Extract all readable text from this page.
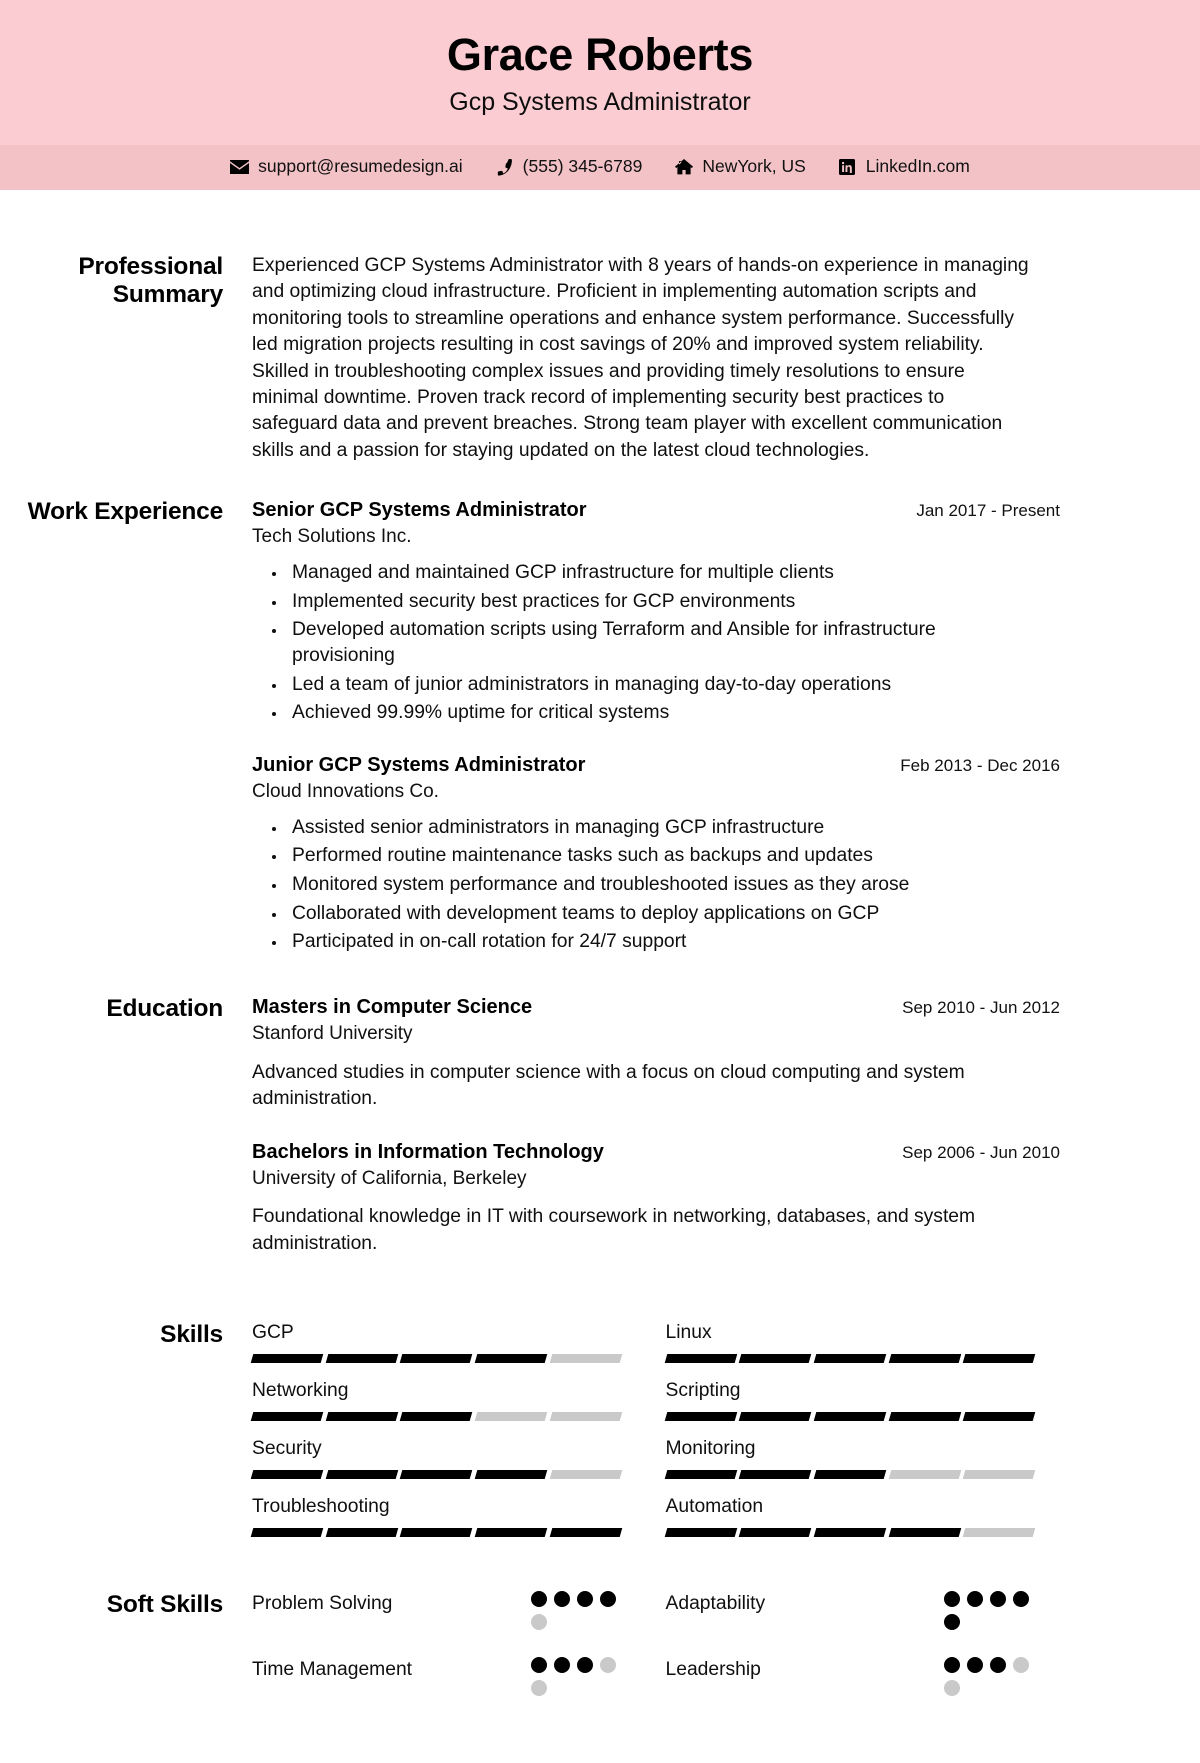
Grace Roberts
Gcp Systems Administrator
support@resumedesign.ai	(555) 345-6789	NewYork, US	LinkedIn.com
Professional Summary

Experienced GCP Systems Administrator with 8 years of hands-on experience in managing and optimizing cloud infrastructure. Proficient in implementing automation scripts and monitoring tools to streamline operations and enhance system performance. Successfully led migration projects resulting in cost savings of 20% and improved system reliability. Skilled in troubleshooting complex issues and providing timely resolutions to ensure minimal downtime. Proven track record of implementing security best practices to safeguard data and prevent breaches. Strong team player with excellent communication skills and a passion for staying updated on the latest cloud technologies.

Work Experience	Senior GCP Systems Administrator	Jan 2017 - Present
Tech Solutions Inc.
• Managed and maintained GCP infrastructure for multiple clients
• Implemented security best practices for GCP environments
• Developed automation scripts using Terraform and Ansible for infrastructure provisioning
• Led a team of junior administrators in managing day-to-day operations
• Achieved 99.99% uptime for critical systems
Junior GCP Systems Administrator	Feb 2013 - Dec 2016
Cloud Innovations Co.
• Assisted senior administrators in managing GCP infrastructure
• Performed routine maintenance tasks such as backups and updates
• Monitored system performance and troubleshooted issues as they arose
• Collaborated with development teams to deploy applications on GCP
• Participated in on-call rotation for 24/7 support
Education	Masters in Computer Science	Sep 2010 - Jun 2012
Stanford University

Advanced studies in computer science with a focus on cloud computing and system administration.

Bachelors in Information Technology	Sep 2006 - Jun 2010
University of California, Berkeley

Foundational knowledge in IT with coursework in networking, databases, and system administration.

Skills	GCP	Linux
Networking	Scripting
Security	Monitoring
Troubleshooting	Automation
Soft Skills	Problem Solving	Adaptability
Time Management	Leadership
